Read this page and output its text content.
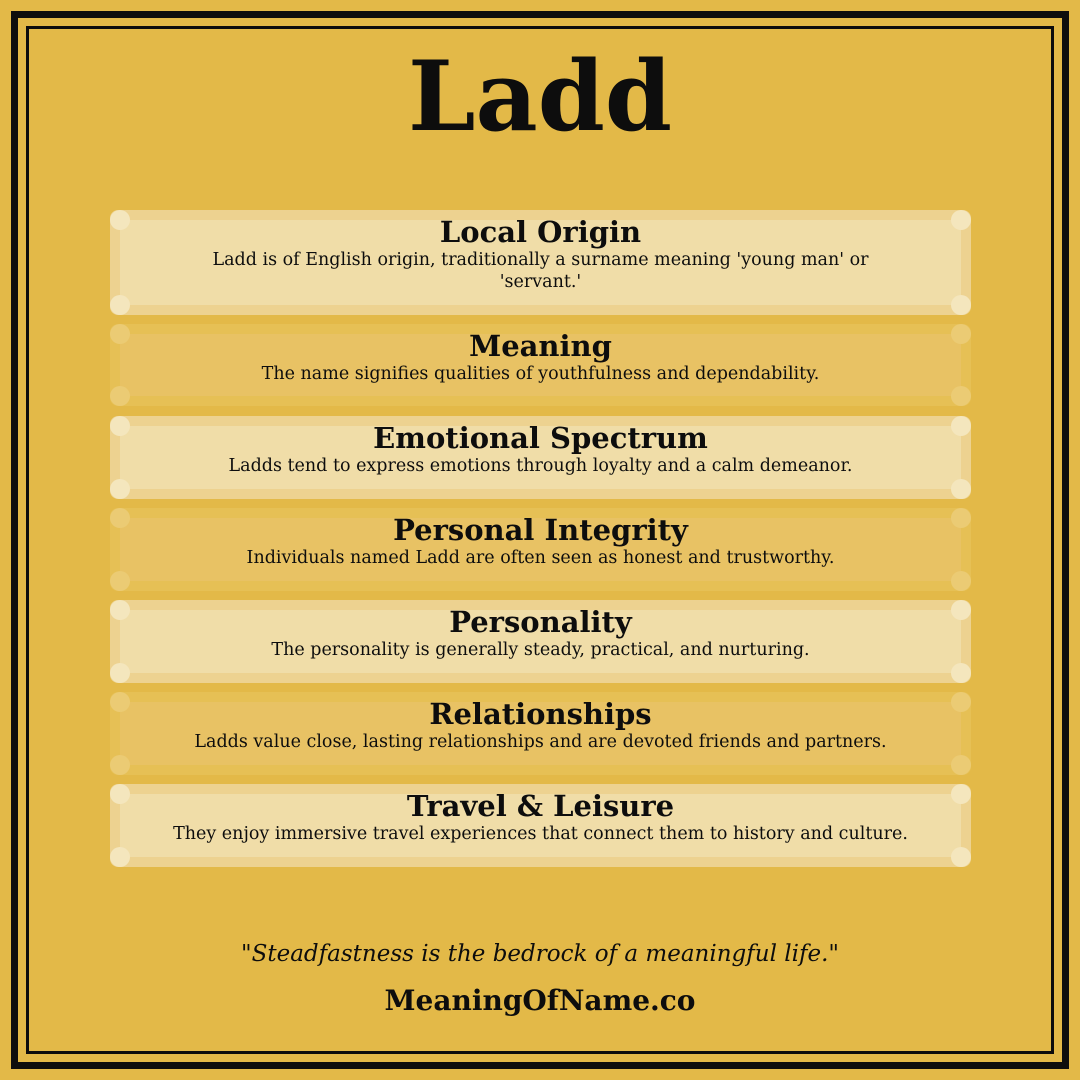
Ladd
Local Origin

Ladd is of English origin, traditionally a surname meaning 'young man' or 'servant.'

Meaning

The name signifies qualities of youthfulness and dependability.

Emotional Spectrum

Ladds tend to express emotions through loyalty and a calm demeanor.

Personal Integrity

Individuals named Ladd are often seen as honest and trustworthy.

Personality

The personality is generally steady, practical, and nurturing.

Relationships

Ladds value close, lasting relationships and are devoted friends and partners.

Travel & Leisure

They enjoy immersive travel experiences that connect them to history and culture.

"Steadfastness is the bedrock of a meaningful life."
MeaningOfName.co
